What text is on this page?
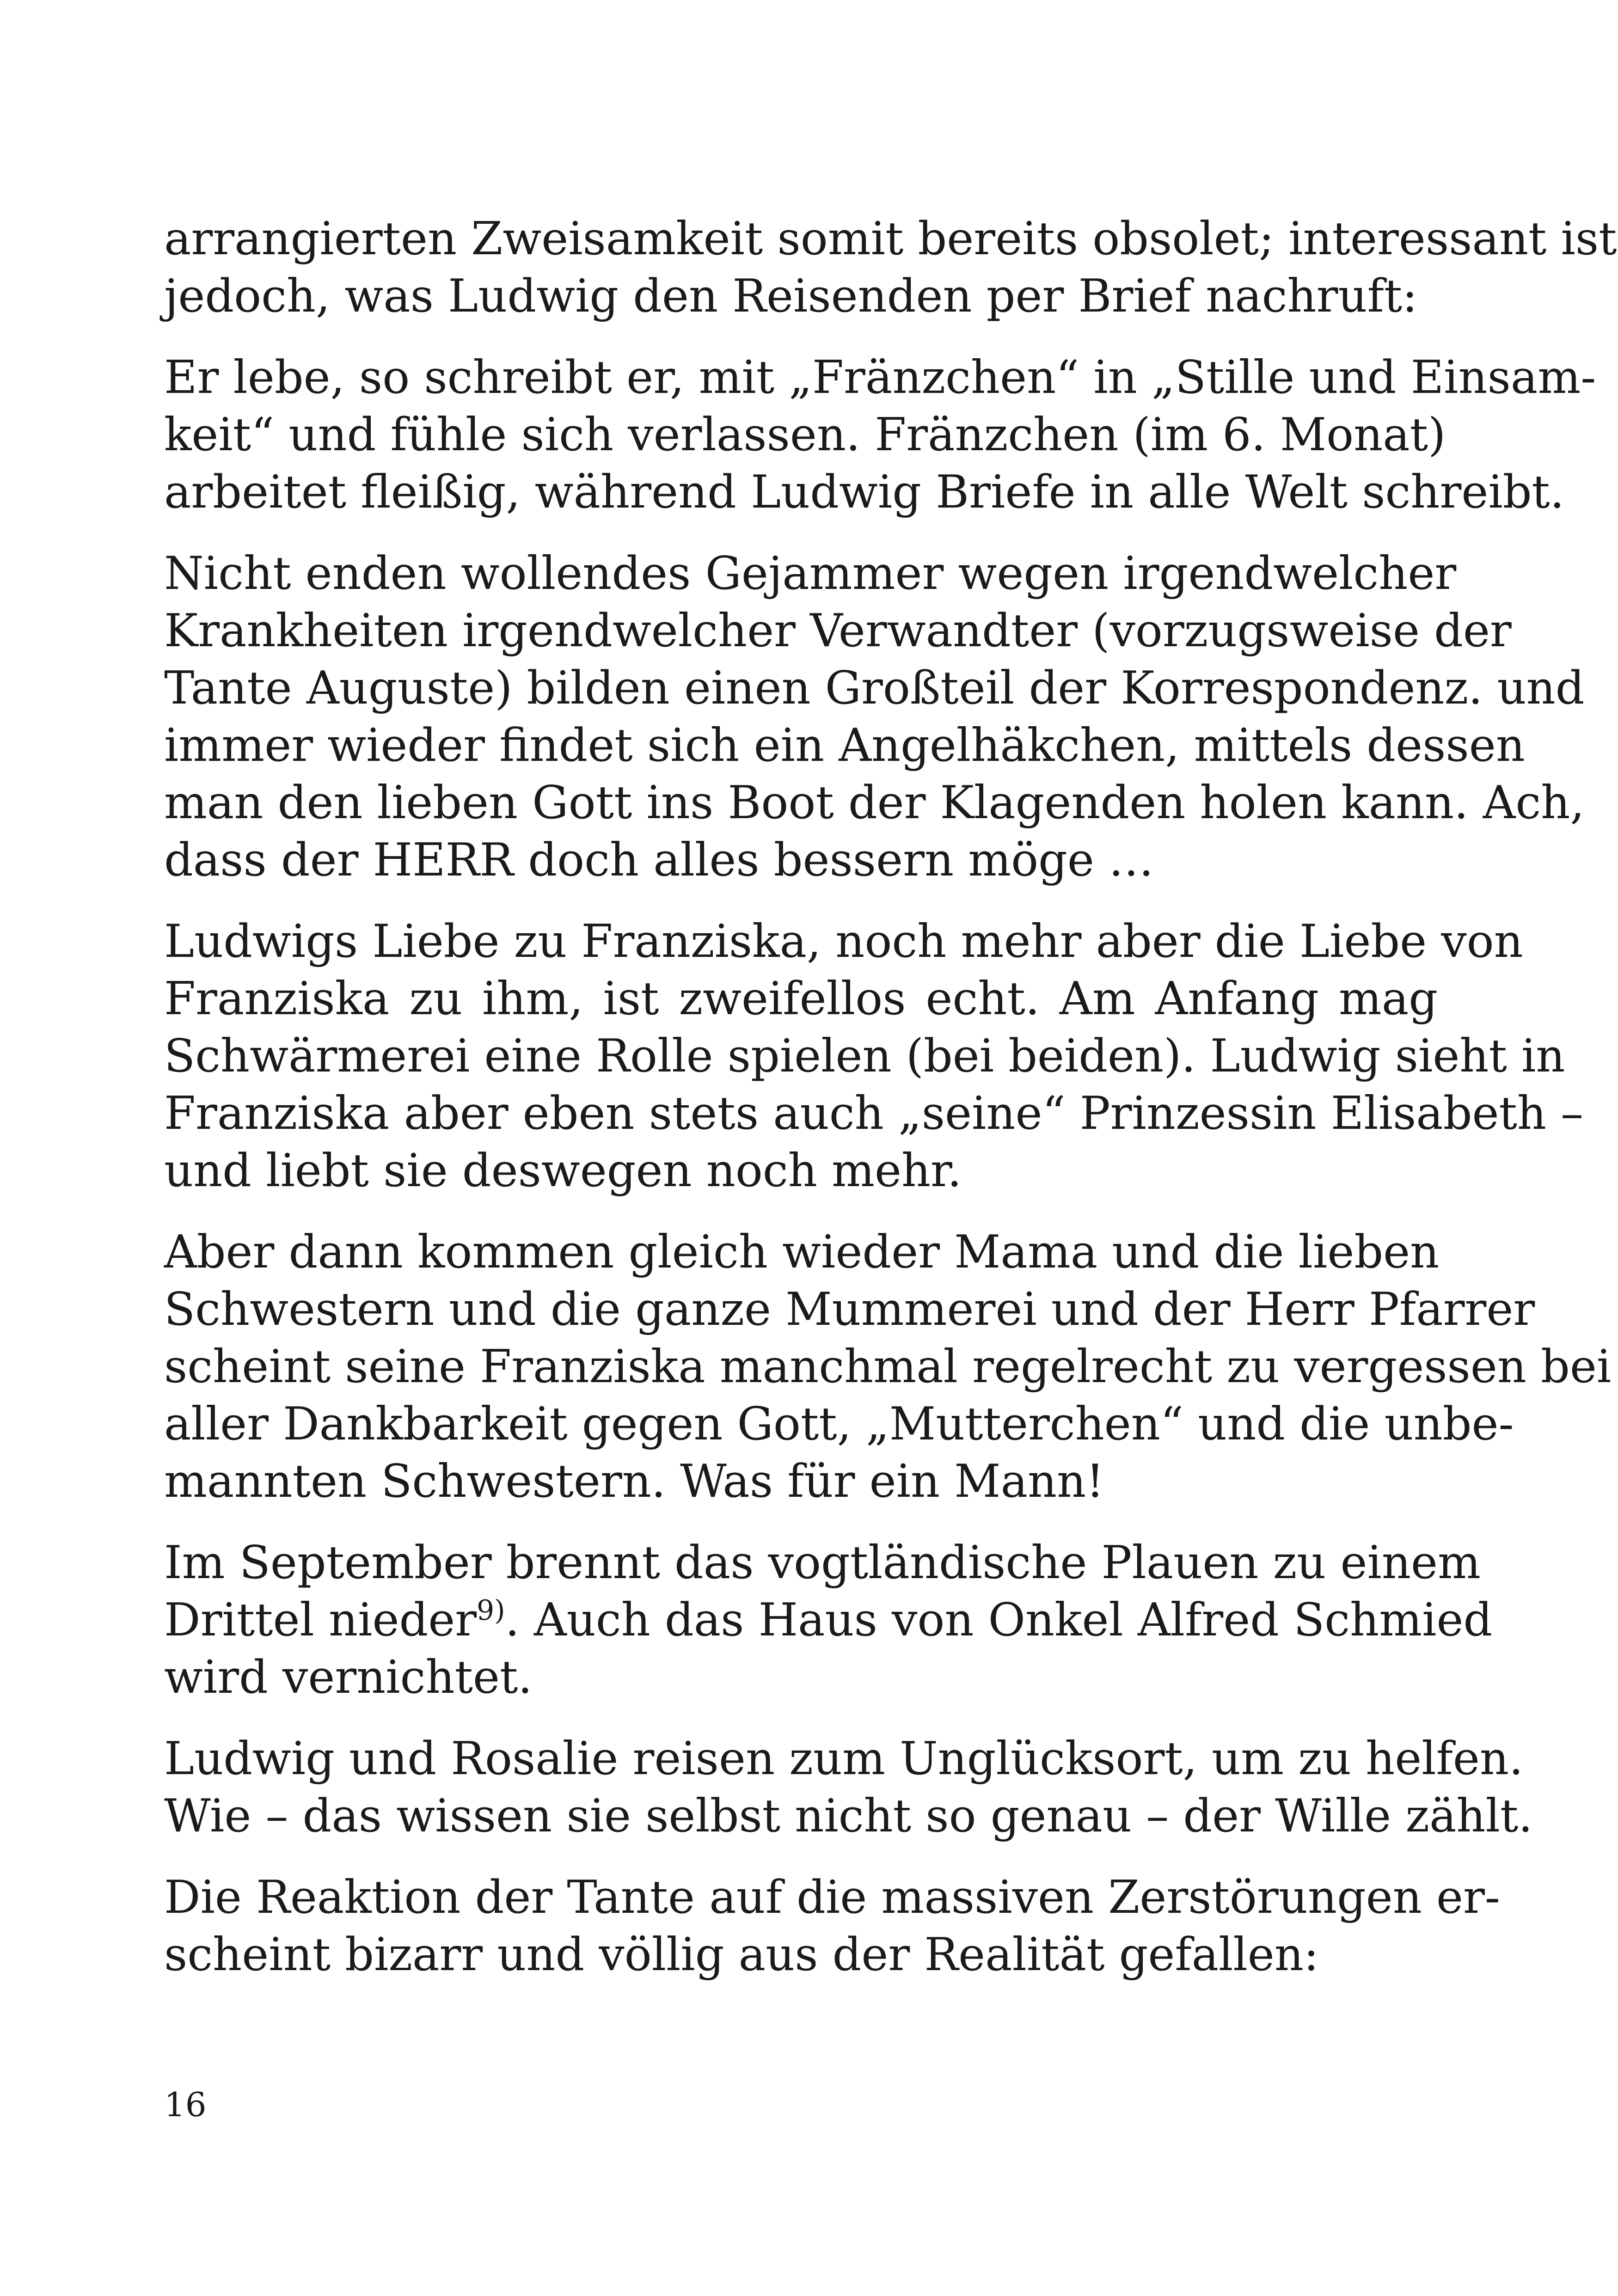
arrangierten Zweisamkeit somit bereits obsolet; interessant ist
jedoch, was Ludwig den Reisenden per Brief nachruft:

Er lebe, so schreibt er, mit „Fränzchen“ in „Stille und Einsam-
keit“ und fühle sich verlassen. Fränzchen (im 6. Monat)
arbeitet fleißig, während Ludwig Briefe in alle Welt schreibt.

Nicht enden wollendes Gejammer wegen irgendwelcher
Krankheiten irgendwelcher Verwandter (vorzugsweise der
Tante Auguste) bilden einen Großteil der Korrespondenz. und
immer wieder findet sich ein Angelhäkchen, mittels dessen
man den lieben Gott ins Boot der Klagenden holen kann. Ach,
dass der HERR doch alles bessern möge …

Ludwigs Liebe zu Franziska, noch mehr aber die Liebe von
Franziska zu ihm, ist zweifellos echt. Am Anfang mag
Schwärmerei eine Rolle spielen (bei beiden). Ludwig sieht in
Franziska aber eben stets auch „seine“ Prinzessin Elisabeth –
und liebt sie deswegen noch mehr.

Aber dann kommen gleich wieder Mama und die lieben
Schwestern und die ganze Mummerei und der Herr Pfarrer
scheint seine Franziska manchmal regelrecht zu vergessen bei
aller Dankbarkeit gegen Gott, „Mutterchen“ und die unbe-
mannten Schwestern. Was für ein Mann!

Im September brennt das vogtländische Plauen zu einem
Drittel nieder$^{9)}$. Auch das Haus von Onkel Alfred Schmied
wird vernichtet.

Ludwig und Rosalie reisen zum Unglücksort, um zu helfen.
Wie – das wissen sie selbst nicht so genau – der Wille zählt.

Die Reaktion der Tante auf die massiven Zerstörungen er-
scheint bizarr und völlig aus der Realität gefallen:

16
